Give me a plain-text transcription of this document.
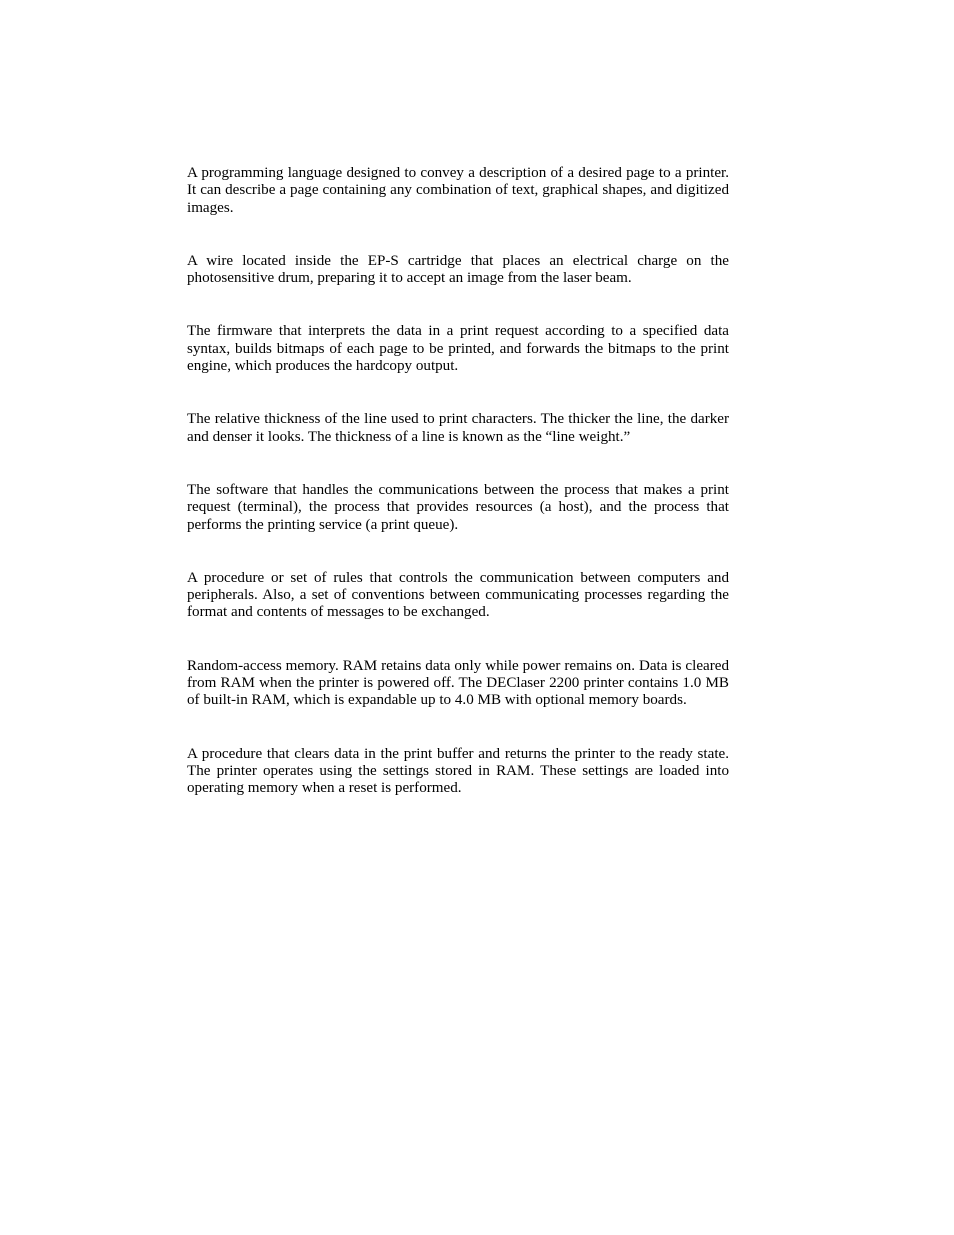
A programming language designed to convey a description of a desired page to a printer. It can describe a page containing any combination of text, graphical shapes, and digitized images.

A wire located inside the EP-S cartridge that places an electrical charge on the photosensitive drum, preparing it to accept an image from the laser beam.

The firmware that interprets the data in a print request according to a specified data syntax, builds bitmaps of each page to be printed, and forwards the bitmaps to the print engine, which produces the hardcopy output.

The relative thickness of the line used to print characters. The thicker the line, the darker and denser it looks. The thickness of a line is known as the “line weight.”

The software that handles the communications between the process that makes a print request (terminal), the process that provides resources (a host), and the process that performs the printing service (a print queue).

A procedure or set of rules that controls the communication between computers and peripherals. Also, a set of conventions between communicating processes regarding the format and contents of messages to be exchanged.

Random-access memory. RAM retains data only while power remains on. Data is cleared from RAM when the printer is powered off. The DEClaser 2200 printer contains 1.0 MB of built-in RAM, which is expandable up to 4.0 MB with optional memory boards.

A procedure that clears data in the print buffer and returns the printer to the ready state. The printer operates using the settings stored in RAM. These settings are loaded into operating memory when a reset is performed.
